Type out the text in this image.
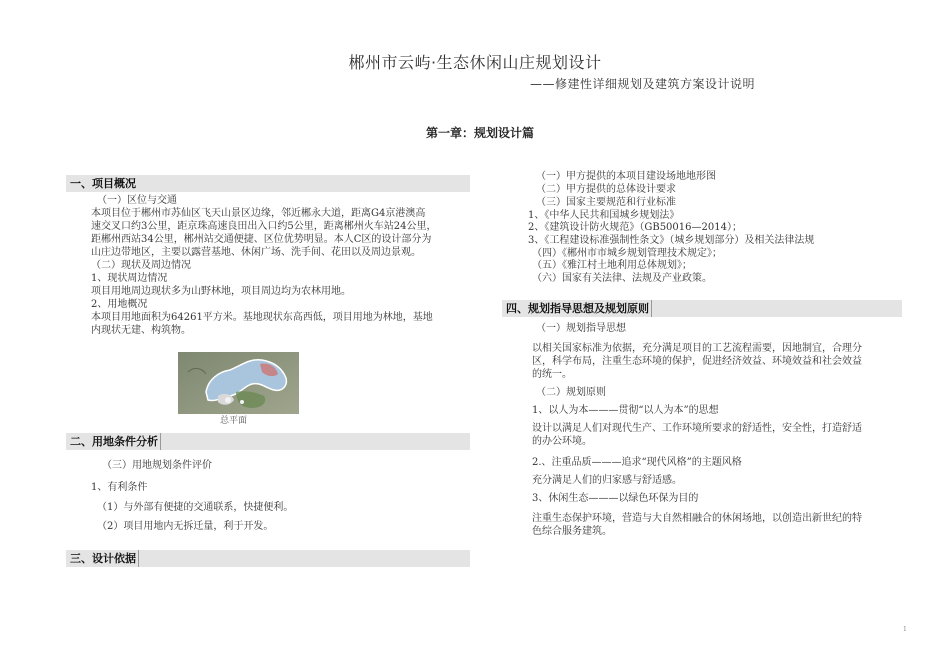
郴州市云屿·生态休闲山庄规划设计
——修建性详细规划及建筑方案设计说明
第一章：规划设计篇
一、项目概况
（一）区位与交通
本项目位于郴州市苏仙区飞天山景区边缘，邻近郴永大道，距离G4京港澳高
速交叉口约3公里，距京珠高速良田出入口约5公里，距离郴州火车站24公里，
距郴州西站34公里，郴州站交通便捷、区位优势明显。本人C区的设计部分为
山庄边带地区，主要以露营基地、休闲广场、洗手间、花田以及周边景观。
（二）现状及周边情况
1、现状周边情况
项目用地周边现状多为山野林地，项目周边均为农林用地。
2、用地概况
本项目用地面积为64261平方米。基地现状东高西低，项目用地为林地，基地
内现状无建、构筑物。
总平面
二、用地条件分析
（三）用地规划条件评价
1、有利条件
（1）与外部有便捷的交通联系，快捷便利。
（2）项目用地内无拆迁量，利于开发。
三、设计依据
（一）甲方提供的本项目建设场地地形图
（二）甲方提供的总体设计要求
（三）国家主要规范和行业标准
1、《中华人民共和国城乡规划法》
2、《建筑设计防火规范》（GB50016—2014）；
3、《工程建设标准强制性条文》（城乡规划部分）及相关法律法规
（四）《郴州市市城乡规划管理技术规定》；
（五）《雅江村土地利用总体规划》；
（六）国家有关法律、法规及产业政策。
四、规划指导思想及规划原则
（一）规划指导思想
以相关国家标准为依据，充分满足项目的工艺流程需要，因地制宜，合理分
区，科学布局，注重生态环境的保护，促进经济效益、环境效益和社会效益
的统一。
（二）规划原则
1、以人为本———贯彻“以人为本”的思想
设计以满足人们对现代生产、工作环境所要求的舒适性，安全性，打造舒适
的办公环境。
2.、注重品质———追求“现代风格”的主题风格
充分满足人们的归家感与舒适感。
3、休闲生态———以绿色环保为目的
注重生态保护环境，营造与大自然相融合的休闲场地，以创造出新世纪的特
色综合服务建筑。
1
